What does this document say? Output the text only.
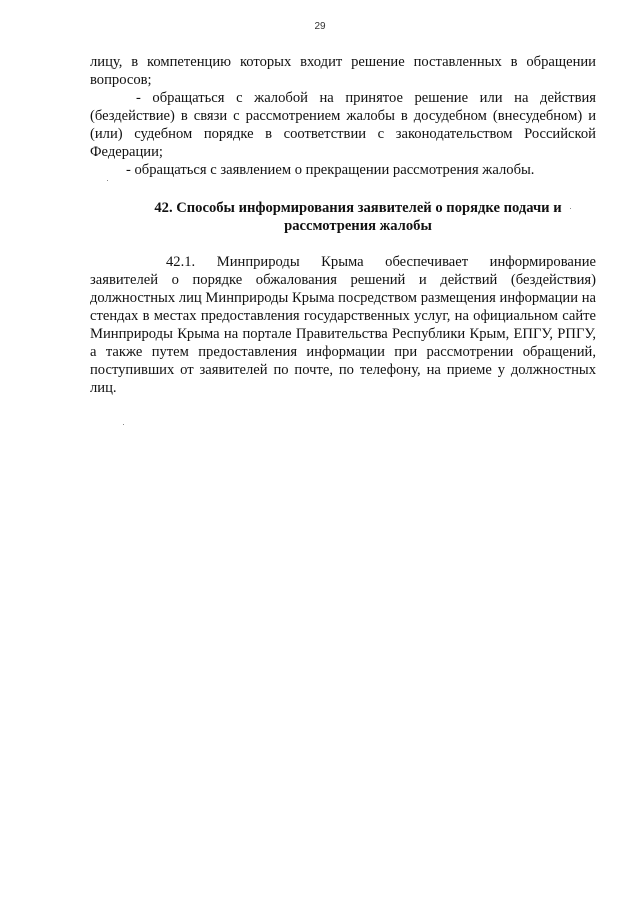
29

лицу, в компетенцию которых входит решение поставленных в обращении вопросов;

- обращаться с жалобой на принятое решение или на действия (бездействие) в связи с рассмотрением жалобы в досудебном (внесудебном) и (или) судебном порядке в соответствии с законодательством Российской Федерации;

- обращаться с заявлением о прекращении рассмотрения жалобы.

42. Способы информирования заявителей о порядке подачи и рассмотрения жалобы

42.1. Минприроды Крыма обеспечивает информирование заявителей о порядке обжалования решений и действий (бездействия) должностных лиц Минприроды Крыма посредством размещения информации на стендах в местах предоставления государственных услуг, на официальном сайте Минприроды Крыма на портале Правительства Республики Крым, ЕПГУ, РПГУ, а также путем предоставления информации при рассмотрении обращений, поступивших от заявителей по почте, по телефону, на приеме у должностных лиц.
